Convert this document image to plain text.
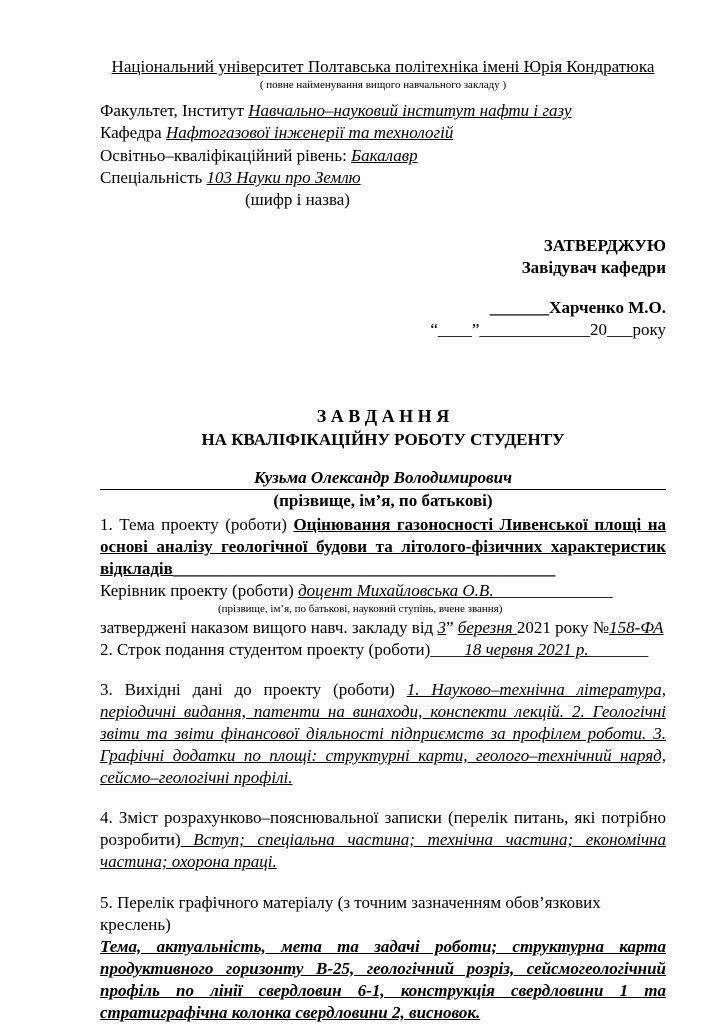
Національний університет Полтавська політехніка імені Юрія Кондратюка
( повне найменування вищого навчального закладу )

Факультет, Інститут Навчально–науковий інститут нафти і газу

Кафедра Нафтогазової інженерії та технологій

Освітньо–кваліфікаційний рівень: Бакалавр

Спеціальність 103 Науки про Землю

(шифр і назва)

ЗАТВЕРДЖУЮ

Завідувач кафедри

_______Харченко М.О.

“____”_____________20___року

З А В Д А Н Н Я
НА КВАЛІФІКАЦІЙНУ РОБОТУ СТУДЕНТУ
Кузьма Олександр Володимирович
(прізвище, ім’я, по батькові)

1. Тема проекту (роботи) Оцінювання газоносності Ливенської площі на основі аналізу геологічної будови та літолого-фізичних характеристик відкладів_____________________________________________

Керівник проекту (роботи) доцент Михайловська О.В.______________

(прізвище, ім’я, по батькові, науковий ступінь, вчене звання)

затверджені наказом вищого навч. закладу від 3” березня 2021 року №158-ФА

2. Строк подання студентом проекту (роботи)____18 червня 2021 р._______

3. Вихідні дані до проекту (роботи) 1. Науково–технічна література, періодичні видання, патенти на винаходи, конспекти лекцій. 2. Геологічні звіти та звіти фінансової діяльності підприємств за профілем роботи. 3. Графічні додатки по площі: структурні карти, геолого–технічний наряд, сейсмо–геологічні профілі.

4. Зміст розрахунково–пояснювальної записки (перелік питань, які потрібно розробити) Вступ; спеціальна частина; технічна частина; економічна частина; охорона праці.

5. Перелік графічного матеріалу (з точним зазначенням обов’язкових креслень)

Тема, актуальність, мета та задачі роботи; структурна карта продуктивного горизонту В-25, геологічний розріз, сейсмогеологічний профіль по лінії свердловин 6-1, конструкція свердловини 1 та стратиграфічна колонка свердловини 2, висновок.
